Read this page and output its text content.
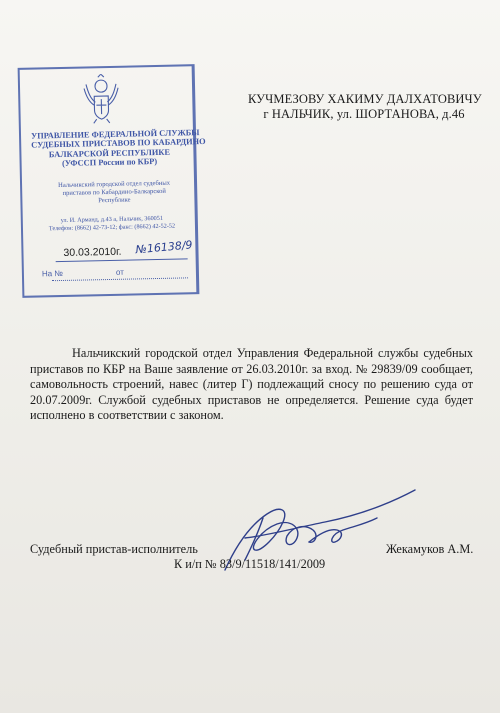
УПРАВЛЕНИЕ ФЕДЕРАЛЬНОЙ СЛУЖБЫ
СУДЕБНЫХ ПРИСТАВОВ ПО КАБАРДИНО
БАЛКАРСКОЙ РЕСПУБЛИКЕ
(УФССП России по КБР)
Нальчикский городской отдел судебных
приставов по Кабардино-Балкарской
Республике
ул. И. Арманд, д.43 а, Нальчик, 360051
Телефон: (8662) 42-73-12; факс: (8662) 42-52-52
30.03.2010г. №16138/9
На №	от
КУЧМЕЗОВУ ХАКИМУ ДАЛХАТОВИЧУ
г НАЛЬЧИК, ул. ШОРТАНОВА, д.46
Нальчикский городской отдел Управления Федеральной службы судебных приставов по КБР на Ваше заявление от 26.03.2010г. за вход. № 29839/09 сообщает, самовольность строений, навес (литер Г) подлежащий сносу по решению суда от 20.07.2009г. Службой судебных приставов не определяется. Решение суда будет исполнено в соответствии с законом.
Судебный пристав-исполнитель	Жекамуков А.М.
К и/п № 83/9/11518/141/2009
